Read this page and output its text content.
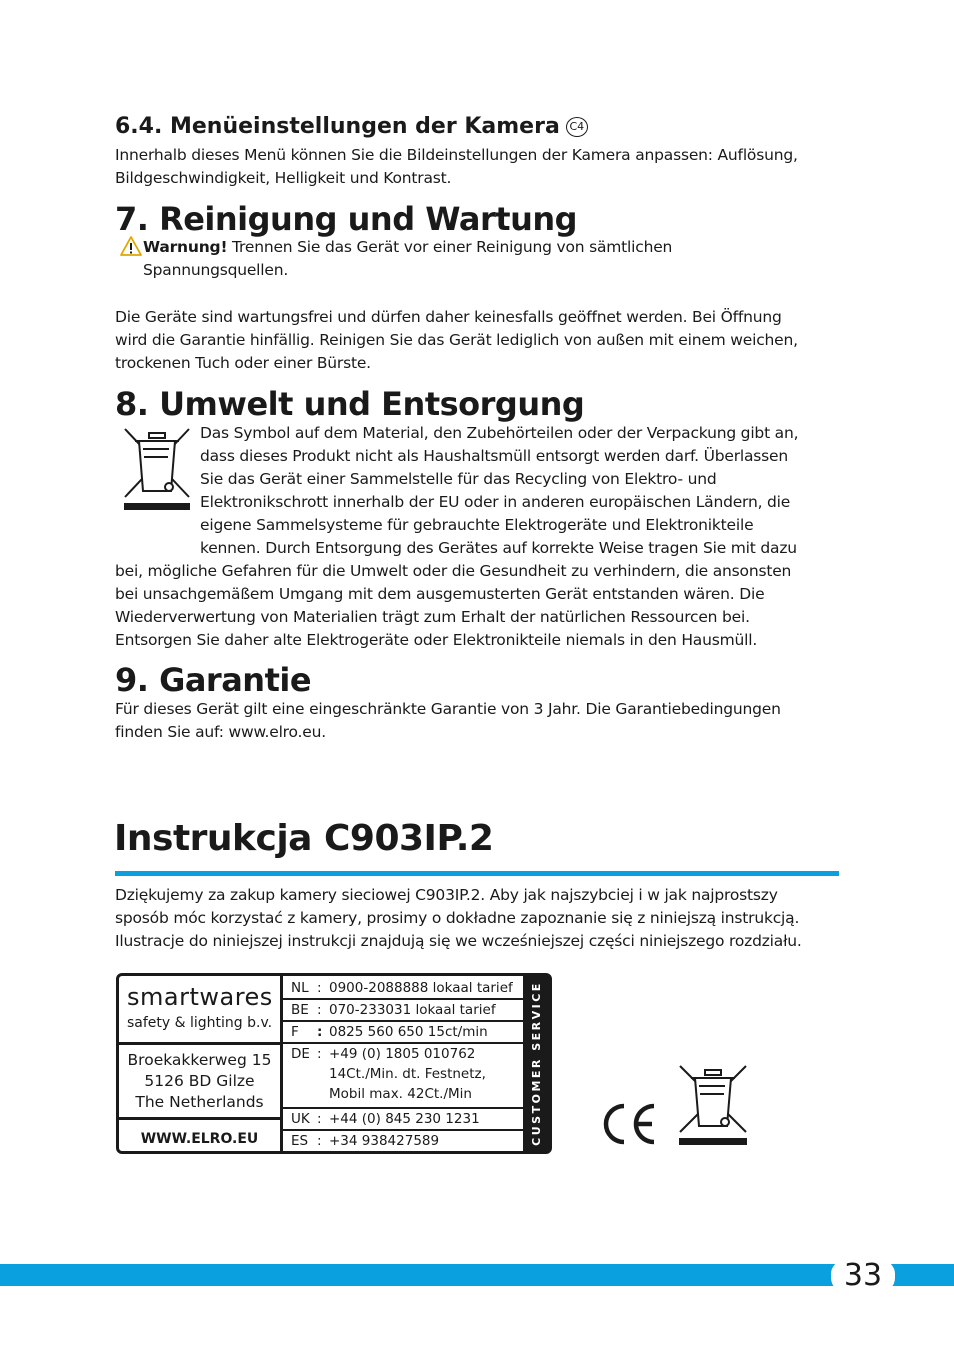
6.4. Menüeinstellungen der Kamera C4
Innerhalb dieses Menü können Sie die Bildeinstellungen der Kamera anpassen: Auflösung,
Bildgeschwindigkeit, Helligkeit und Kontrast.
7. Reinigung und Wartung
Warnung! Trennen Sie das Gerät vor einer Reinigung von sämtlichen
Spannungsquellen.
Die Geräte sind wartungsfrei und dürfen daher keinesfalls geöffnet werden. Bei Öffnung
wird die Garantie hinfällig. Reinigen Sie das Gerät lediglich von außen mit einem weichen,
trockenen Tuch oder einer Bürste.
8. Umwelt und Entsorgung
Das Symbol auf dem Material, den Zubehörteilen oder der Verpackung gibt an,
dass dieses Produkt nicht als Haushaltsmüll entsorgt werden darf. Überlassen
Sie das Gerät einer Sammelstelle für das Recycling von Elektro- und
Elektronikschrott innerhalb der EU oder in anderen europäischen Ländern, die
eigene Sammelsysteme für gebrauchte Elektrogeräte und Elektronikteile
kennen. Durch Entsorgung des Gerätes auf korrekte Weise tragen Sie mit dazu
bei, mögliche Gefahren für die Umwelt oder die Gesundheit zu verhindern, die ansonsten
bei unsachgemäßem Umgang mit dem ausgemusterten Gerät entstanden wären. Die
Wiederverwertung von Materialien trägt zum Erhalt der natürlichen Ressourcen bei.
Entsorgen Sie daher alte Elektrogeräte oder Elektronikteile niemals in den Hausmüll.
9. Garantie
Für dieses Gerät gilt eine eingeschränkte Garantie von 3 Jahr. Die Garantiebedingungen
finden Sie auf: www.elro.eu.
Instrukcja C903IP.2
Dziękujemy za zakup kamery sieciowej C903IP.2. Aby jak najszybciej i w jak najprostszy
sposób móc korzystać z kamery, prosimy o dokładne zapoznanie się z niniejszą instrukcją.
Ilustracje do niniejszej instrukcji znajdują się we wcześniejszej części niniejszego rozdziału.
CUSTOMER SERVICE
smartwares
safety & lighting b.v.
Broekakkerweg 15
5126 BD Gilze
The Netherlands
WWW.ELRO.EU
NL : 0900-2088888 lokaal tarief
BE : 070-233031 lokaal tarief
F : 0825 560 650 15ct/min
DE : +49 (0) 1805 010762
14Ct./Min. dt. Festnetz,
Mobil max. 42Ct./Min
UK : +44 (0) 845 230 1231
ES : +34 938427589
33
